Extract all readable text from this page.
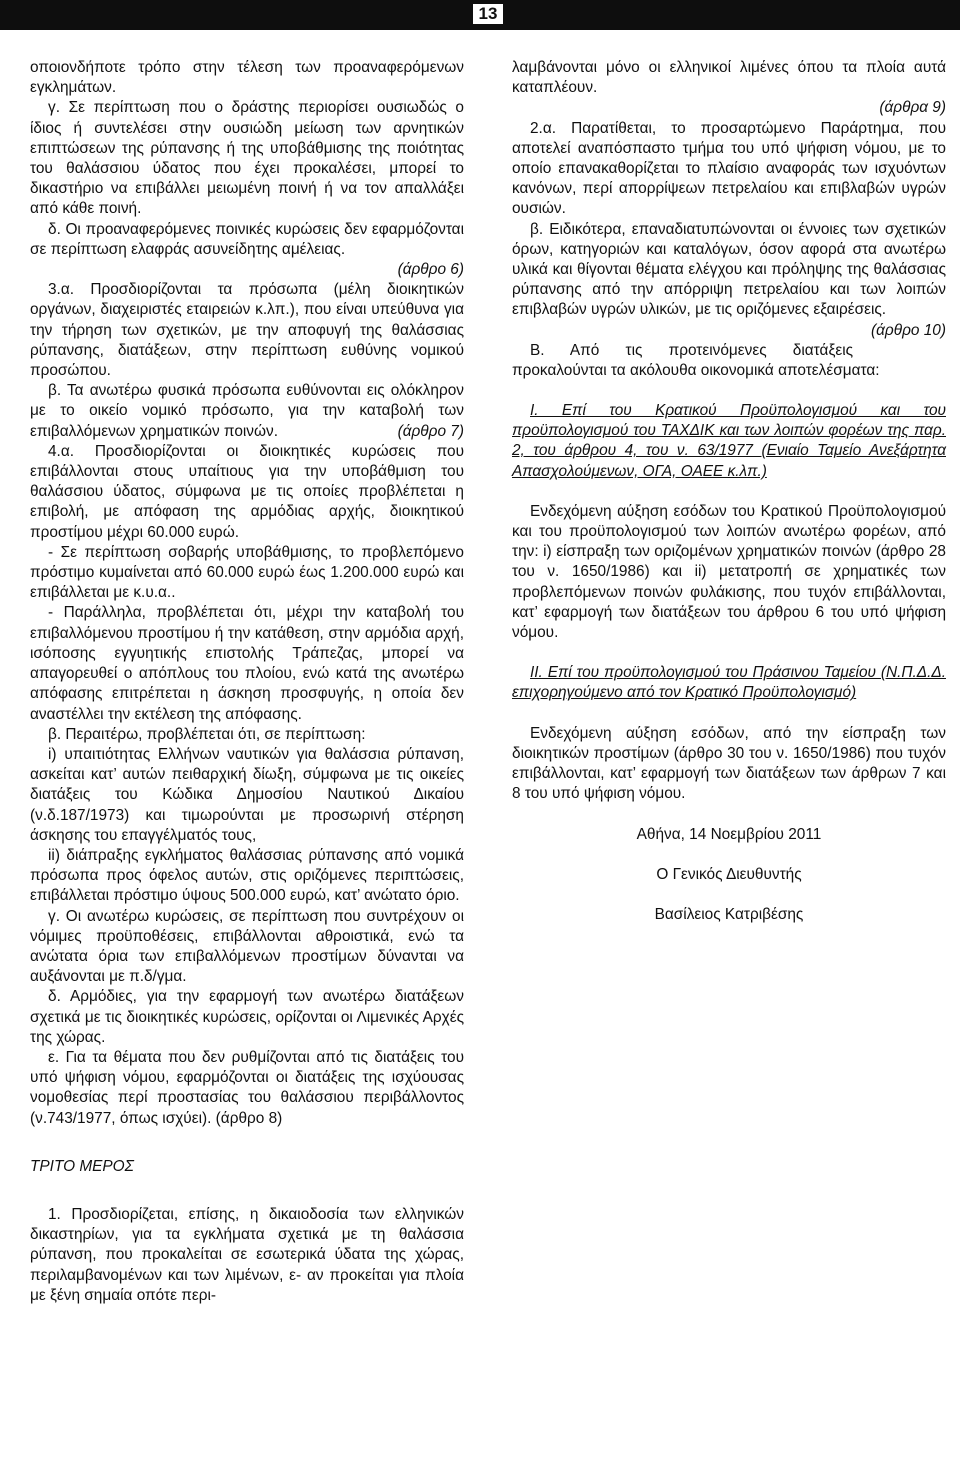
13

οποιονδήποτε τρόπο στην τέλεση των προαναφερόμενων εγκλημάτων.

γ. Σε περίπτωση που ο δράστης περιορίσει ουσιωδώς ο ίδιος ή συντελέσει στην ουσιώδη μείωση των αρνητικών επιπτώσεων της ρύπανσης ή της υποβάθμισης της ποιότητας του θαλάσσιου ύδατος που έχει προκαλέσει, μπορεί το δικαστήριο να επιβάλλει μειωμένη ποινή ή να τον απαλλάξει από κάθε ποινή.

δ. Οι προαναφερόμενες ποινικές κυρώσεις δεν εφαρμόζονται σε περίπτωση ελαφράς ασυνείδητης αμέλειας.

(άρθρο 6)

3.α. Προσδιορίζονται τα πρόσωπα (μέλη διοικητικών οργάνων, διαχειριστές εταιρειών κ.λπ.), που είναι υπεύθυνα για την τήρηση των σχετικών, με την αποφυγή της θαλάσσιας ρύπανσης, διατάξεων, στην περίπτωση ευθύνης νομικού προσώπου.

β. Τα ανωτέρω φυσικά πρόσωπα ευθύνονται εις ολόκληρον με το οικείο νομικό πρόσωπο, για την καταβολή των επιβαλλόμενων χρηματικών ποινών.	(άρθρο 7)

4.α. Προσδιορίζονται οι διοικητικές κυρώσεις που επιβάλλονται στους υπαίτιους για την υποβάθμιση του θαλάσσιου ύδατος, σύμφωνα με τις οποίες προβλέπεται η επιβολή, με απόφαση της αρμόδιας αρχής, διοικητικού προστίμου μέχρι 60.000 ευρώ.

- Σε περίπτωση σοβαρής υποβάθμισης, το προβλεπόμενο πρόστιμο κυμαίνεται από 60.000 ευρώ έως 1.200.000 ευρώ και επιβάλλεται με κ.υ.α..

- Παράλληλα, προβλέπεται ότι, μέχρι την καταβολή του επιβαλλόμενου προστίμου ή την κατάθεση, στην αρμόδια αρχή, ισόποσης εγγυητικής επιστολής Τράπεζας, μπορεί να απαγορευθεί ο απόπλους του πλοίου, ενώ κατά της ανωτέρω απόφασης επιτρέπεται η άσκηση προσφυγής, η οποία δεν αναστέλλει την εκτέλεση της απόφασης.

β. Περαιτέρω, προβλέπεται ότι, σε περίπτωση:

i) υπαιτιότητας Ελλήνων ναυτικών για θαλάσσια ρύπανση, ασκείται κατ’ αυτών πειθαρχική δίωξη, σύμφωνα με τις οικείες διατάξεις του Κώδικα Δημοσίου Ναυτικού Δικαίου (ν.δ.187/1973) και τιμωρούνται με προσωρινή στέρηση άσκησης του επαγγέλματός τους,

ii) διάπραξης εγκλήματος θαλάσσιας ρύπανσης από νομικά πρόσωπα προς όφελος αυτών, στις οριζόμενες περιπτώσεις, επιβάλλεται πρόστιμο ύψους 500.000 ευρώ, κατ’ ανώτατο όριο.

γ. Οι ανωτέρω κυρώσεις, σε περίπτωση που συντρέχουν οι νόμιμες προϋποθέσεις, επιβάλλονται αθροιστικά, ενώ τα ανώτατα όρια των επιβαλλόμενων προστίμων δύνανται να αυξάνονται με π.δ/γμα.

δ. Αρμόδιες, για την εφαρμογή των ανωτέρω διατάξεων σχετικά με τις διοικητικές κυρώσεις, ορίζονται οι Λιμενικές Αρχές της χώρας.

ε. Για τα θέματα που δεν ρυθμίζονται από τις διατάξεις του υπό ψήφιση νόμου, εφαρμόζονται οι διατάξεις της ισχύουσας νομοθεσίας περί προστασίας του θαλάσσιου περιβάλλοντος (ν.743/1977, όπως ισχύει). (άρθρο 8)

ΤΡΙΤΟ ΜΕΡΟΣ

1. Προσδιορίζεται, επίσης, η δικαιοδοσία των ελληνικών δικαστηρίων, για τα εγκλήματα σχετικά με τη θαλάσσια ρύπανση, που προκαλείται σε εσωτερικά ύδατα της χώρας, περιλαμβανομένων και των λιμένων, ε- αν προκείται για πλοία με ξένη σημαία οπότε περι-

λαμβάνονται μόνο οι ελληνικοί λιμένες όπου τα πλοία αυτά καταπλέουν.

(άρθρα 9)

2.α. Παρατίθεται, το προσαρτώμενο Παράρτημα, που αποτελεί αναπόσπαστο τμήμα του υπό ψήφιση νόμου, με το οποίο επανακαθορίζεται το πλαίσιο αναφοράς των ισχυόντων κανόνων, περί απορρίψεων πετρελαίου και επιβλαβών υγρών ουσιών.

β. Ειδικότερα, επαναδιατυπώνονται οι έννοιες των σχετικών όρων, κατηγοριών και καταλόγων, όσον αφορά στα ανωτέρω υλικά και θίγονται θέματα ελέγχου και πρόληψης της θαλάσσιας ρύπανσης από την απόρριψη πετρελαίου και των λοιπών επιβλαβών υγρών υλικών, με τις οριζόμενες εξαιρέσεις.
(άρθρο 10)

Β. Από τις προτεινόμενες διατάξεις προκαλούνται τα ακόλουθα οικονομικά αποτελέσματα:

Ι. Επί του Κρατικού Προϋπολογισμού και του προϋπολογισμού του ΤΑΧΔΙΚ και των λοιπών φορέων της παρ. 2, του άρθρου 4, του ν. 63/1977 (Ενιαίο Ταμείο Ανεξάρτητα Απασχολούμενων, ΟΓΑ, ΟΑΕΕ κ.λπ.)

Ενδεχόμενη αύξηση εσόδων του Κρατικού Προϋπολογισμού και του προϋπολογισμού των λοιπών ανωτέρω φορέων, από την: i) είσπραξη των οριζομένων χρηματικών ποινών (άρθρο 28 του ν. 1650/1986) και ii) μετατροπή σε χρηματικές των προβλεπόμενων ποινών φυλάκισης, που τυχόν επιβάλλονται, κατ’ εφαρμογή των διατάξεων του άρθρου 6 του υπό ψήφιση νόμου.

ΙΙ. Επί του προϋπολογισμού του Πράσινου Ταμείου (Ν.Π.Δ.Δ. επιχορηγούμενο από τον Κρατικό Προϋπολογισμό)

Ενδεχόμενη αύξηση εσόδων, από την είσπραξη των διοικητικών προστίμων (άρθρο 30 του ν. 1650/1986) που τυχόν επιβάλλονται, κατ’ εφαρμογή των διατάξεων των άρθρων 7 και 8 του υπό ψήφιση νόμου.

Αθήνα, 14 Νοεμβρίου 2011

Ο Γενικός Διευθυντής

Βασίλειος Κατριβέσης
